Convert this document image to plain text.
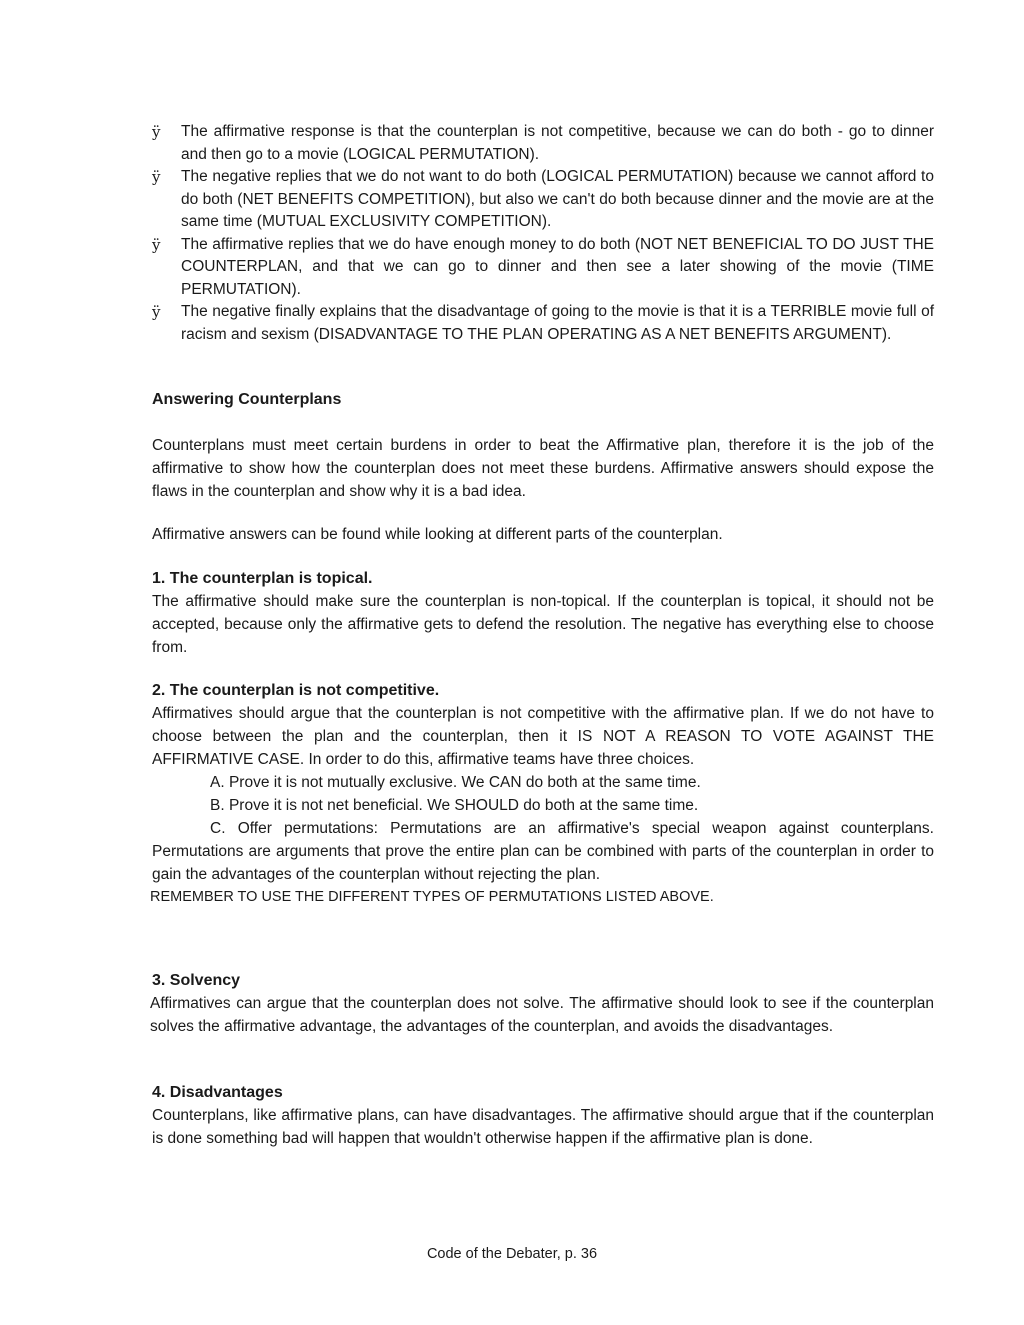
ÿ The affirmative response is that the counterplan is not competitive, because we can do both - go to dinner and then go to a movie (LOGICAL PERMUTATION).
ÿ The negative replies that we do not want to do both (LOGICAL PERMUTATION) because we cannot afford to do both (NET BENEFITS COMPETITION), but also we can't do both because dinner and the movie are at the same time (MUTUAL EXCLUSIVITY COMPETITION).
ÿ The affirmative replies that we do have enough money to do both (NOT NET BENEFICIAL TO DO JUST THE COUNTERPLAN, and that we can go to dinner and then see a later showing of the movie (TIME PERMUTATION).
ÿ The negative finally explains that the disadvantage of going to the movie is that it is a TERRIBLE movie full of racism and sexism (DISADVANTAGE TO THE PLAN OPERATING AS A NET BENEFITS ARGUMENT).
Answering Counterplans
Counterplans must meet certain burdens in order to beat the Affirmative plan, therefore it is the job of the affirmative to show how the counterplan does not meet these burdens. Affirmative answers should expose the flaws in the counterplan and show why it is a bad idea.
Affirmative answers can be found while looking at different parts of the counterplan.
1. The counterplan is topical.
The affirmative should make sure the counterplan is non-topical. If the counterplan is topical, it should not be accepted, because only the affirmative gets to defend the resolution. The negative has everything else to choose from.
2. The counterplan is not competitive.
Affirmatives should argue that the counterplan is not competitive with the affirmative plan. If we do not have to choose between the plan and the counterplan, then it IS NOT A REASON TO VOTE AGAINST THE AFFIRMATIVE CASE. In order to do this, affirmative teams have three choices.
A. Prove it is not mutually exclusive. We CAN do both at the same time.
B. Prove it is not net beneficial. We SHOULD do both at the same time.
C. Offer permutations: Permutations are an affirmative's special weapon against counterplans. Permutations are arguments that prove the entire plan can be combined with parts of the counterplan in order to gain the advantages of the counterplan without rejecting the plan.
REMEMBER TO USE THE DIFFERENT TYPES OF PERMUTATIONS LISTED ABOVE.
3. Solvency
Affirmatives can argue that the counterplan does not solve. The affirmative should look to see if the counterplan solves the affirmative advantage, the advantages of the counterplan, and avoids the disadvantages.
4. Disadvantages
Counterplans, like affirmative plans, can have disadvantages. The affirmative should argue that if the counterplan is done something bad will happen that wouldn't otherwise happen if the affirmative plan is done.
Code of the Debater, p. 36
